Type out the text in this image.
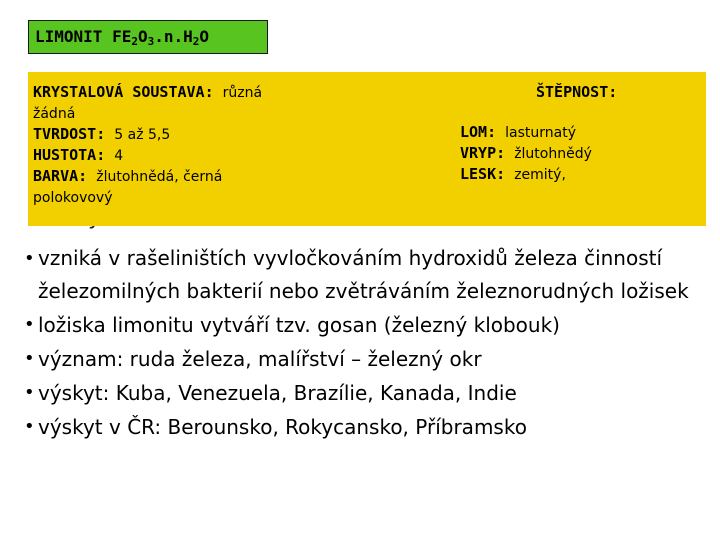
LIMONIT $FE_2O_3.n.H_2O$
KRYSTALOVÁ SOUSTAVA: různá
žádná
TVRDOST: 5 až 5,5
HUSTOTA: 4
BARVA: žlutohnědá, černá
polokovový
ŠTĚPNOST:
LOM: lasturnatý
VRYP: žlutohnědý
LESK: zemitý,
• vzniká v rašeliništích vyvločkováním hydroxidů železa činností železomilných bakterií nebo zvětráváním železnorudných ložisek
• ložiska limonitu vytváří tzv. gosan (železný klobouk)
• význam: ruda železa, malířství – železný okr
• výskyt: Kuba, Venezuela, Brazílie, Kanada, Indie
• výskyt v ČR: Berounsko, Rokycansko, Příbramsko
